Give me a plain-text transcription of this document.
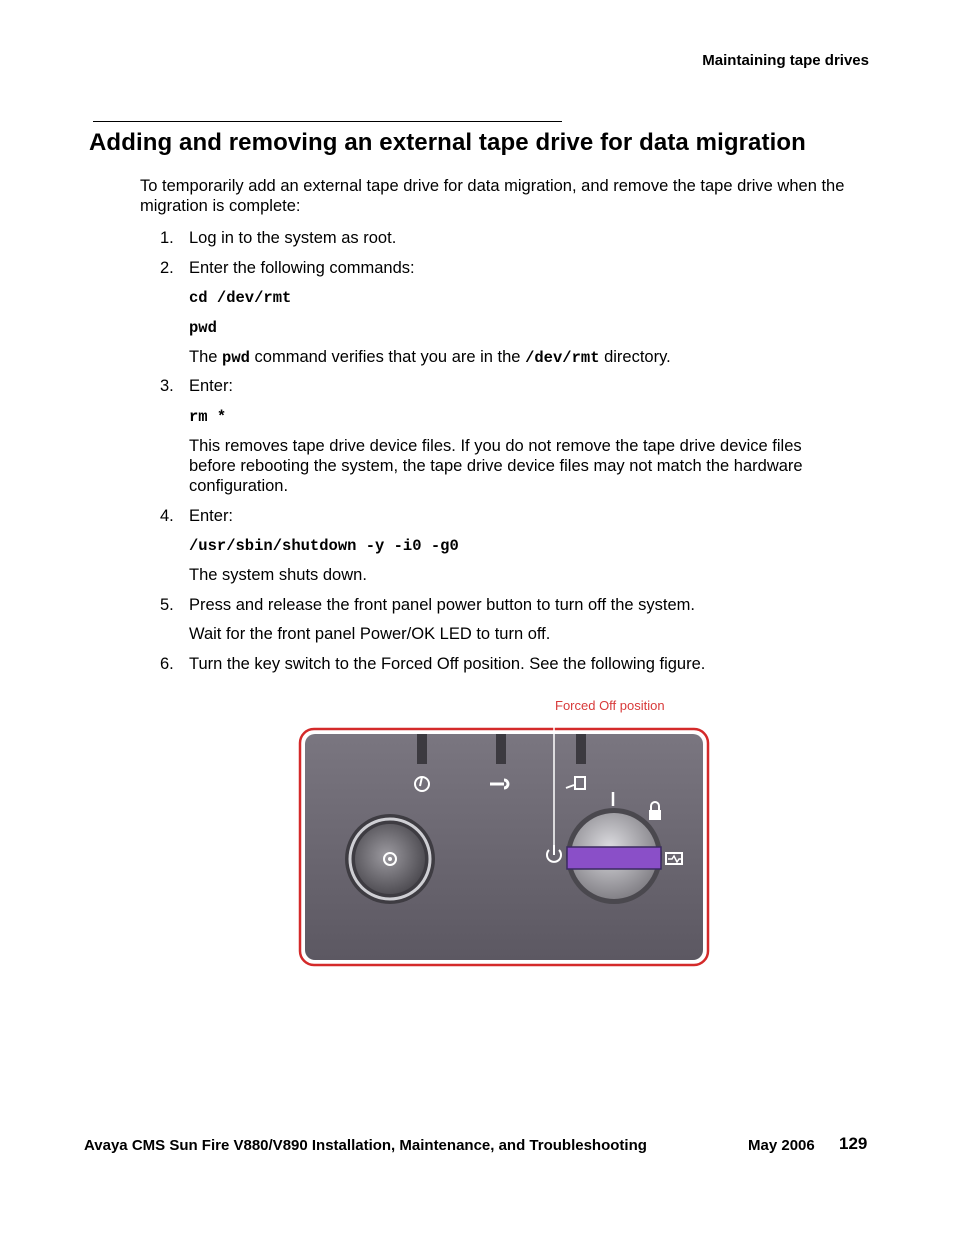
Maintaining tape drives
Adding and removing an external tape drive for data migration

To temporarily add an external tape drive for data migration, and remove the tape drive when the migration is complete:

1. Log in to the system as root.
2. Enter the following commands:
cd /dev/rmt
pwd
The pwd command verifies that you are in the /dev/rmt directory.
3. Enter:
rm *
This removes tape drive device files. If you do not remove the tape drive device files before rebooting the system, the tape drive device files may not match the hardware configuration.
4. Enter:
/usr/sbin/shutdown -y -i0 -g0
The system shuts down.
5. Press and release the front panel power button to turn off the system.
Wait for the front panel Power/OK LED to turn off.
6. Turn the key switch to the Forced Off position. See the following figure.
Forced Off position
Avaya CMS Sun Fire V880/V890 Installation, Maintenance, and Troubleshooting	May 2006 129
